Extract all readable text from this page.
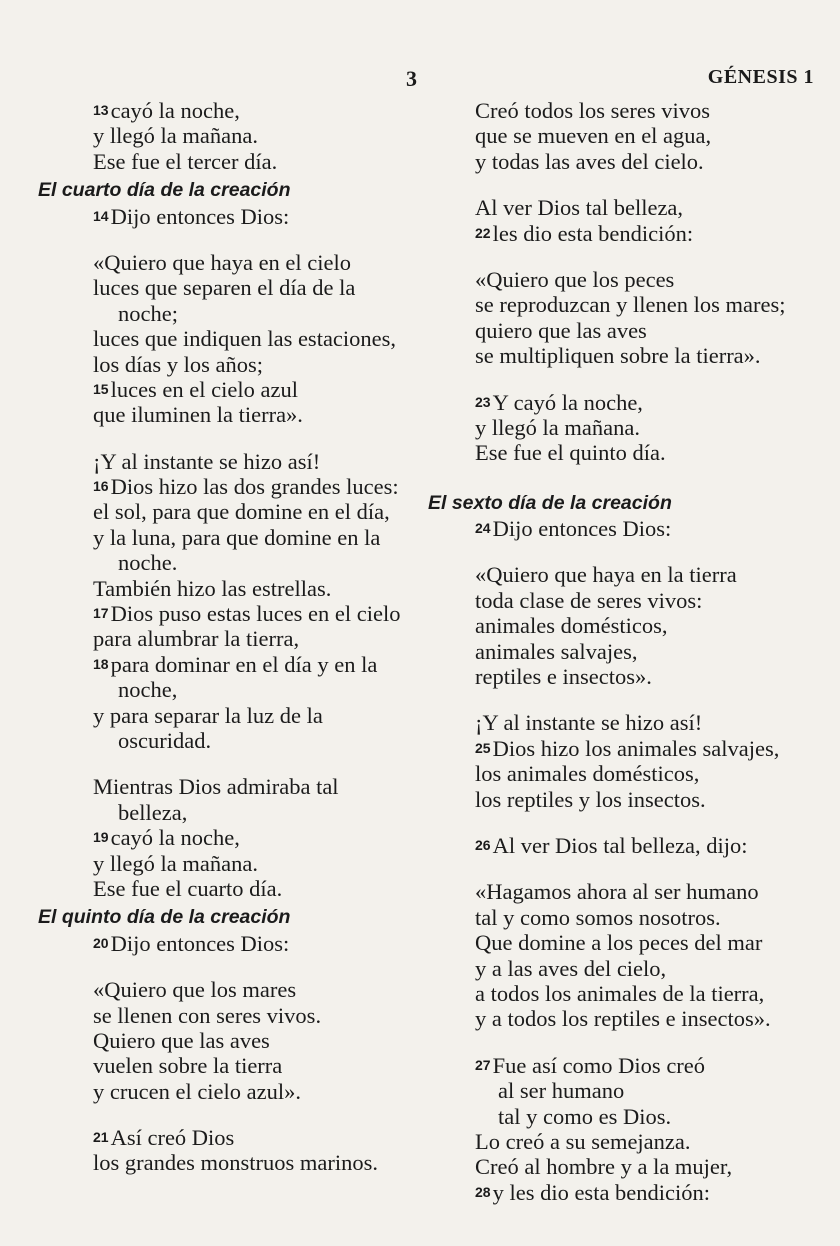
3	GÉNESIS 1
13cayó la noche,
y llegó la mañana.
Ese fue el tercer día.
El cuarto día de la creación
14Dijo entonces Dios:
«Quiero que haya en el cielo
luces que separen el día de la
noche;
luces que indiquen las estaciones,
los días y los años;
15luces en el cielo azul
que iluminen la tierra».
¡Y al instante se hizo así!
16Dios hizo las dos grandes luces:
el sol, para que domine en el día,
y la luna, para que domine en la
noche.
También hizo las estrellas.
17Dios puso estas luces en el cielo
para alumbrar la tierra,
18para dominar en el día y en la
noche,
y para separar la luz de la
oscuridad.
Mientras Dios admiraba tal
belleza,
19cayó la noche,
y llegó la mañana.
Ese fue el cuarto día.
El quinto día de la creación
20Dijo entonces Dios:
«Quiero que los mares
se llenen con seres vivos.
Quiero que las aves
vuelen sobre la tierra
y crucen el cielo azul».
21Así creó Dios
los grandes monstruos marinos.
Creó todos los seres vivos
que se mueven en el agua,
y todas las aves del cielo.
Al ver Dios tal belleza,
22les dio esta bendición:
«Quiero que los peces
se reproduzcan y llenen los mares;
quiero que las aves
se multipliquen sobre la tierra».
23Y cayó la noche,
y llegó la mañana.
Ese fue el quinto día.
El sexto día de la creación
24Dijo entonces Dios:
«Quiero que haya en la tierra
toda clase de seres vivos:
animales domésticos,
animales salvajes,
reptiles e insectos».
¡Y al instante se hizo así!
25Dios hizo los animales salvajes,
los animales domésticos,
los reptiles y los insectos.
26Al ver Dios tal belleza, dijo:
«Hagamos ahora al ser humano
tal y como somos nosotros.
Que domine a los peces del mar
y a las aves del cielo,
a todos los animales de la tierra,
y a todos los reptiles e insectos».
27Fue así como Dios creó
al ser humano
tal y como es Dios.
Lo creó a su semejanza.
Creó al hombre y a la mujer,
28y les dio esta bendición:
